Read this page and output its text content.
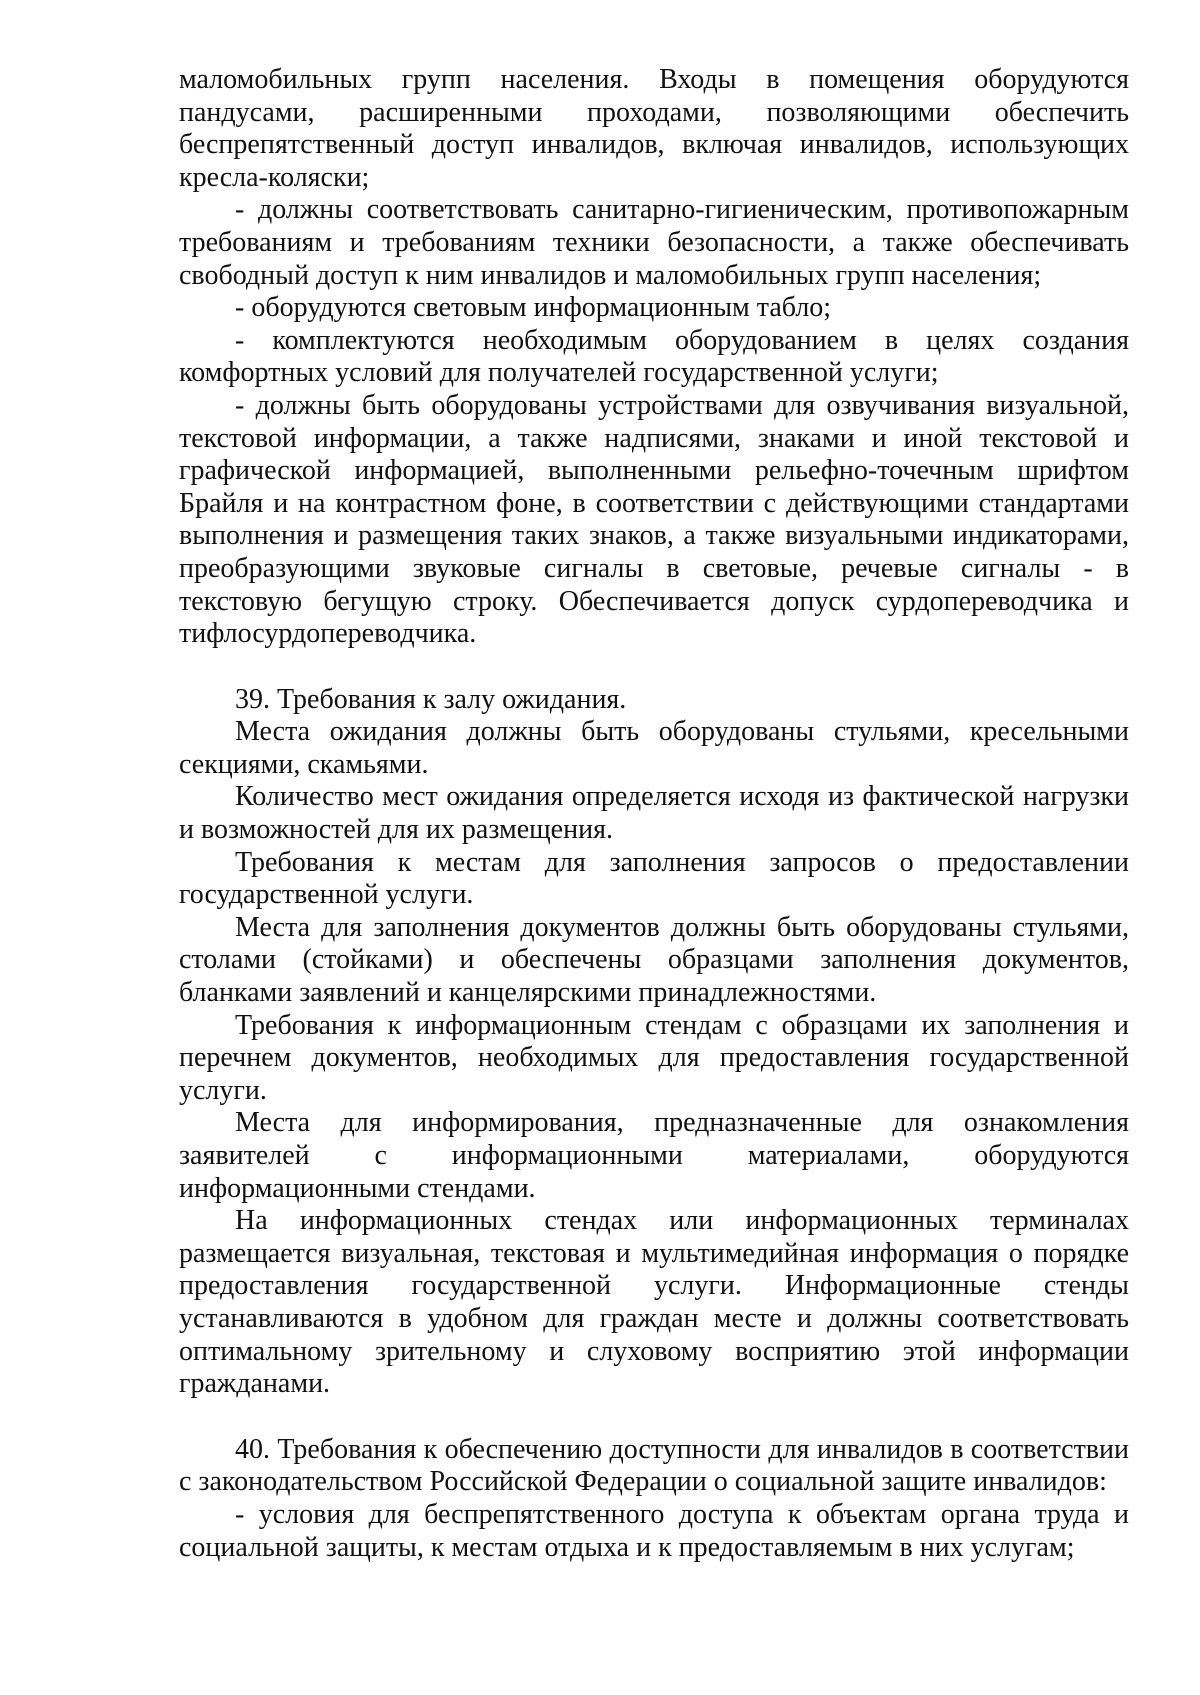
маломобильных групп населения. Входы в помещения оборудуются пандусами, расширенными проходами, позволяющими обеспечить беспрепятственный доступ инвалидов, включая инвалидов, использующих кресла-коляски;

- должны соответствовать санитарно-гигиеническим, противопожарным требованиям и требованиям техники безопасности, а также обеспечивать свободный доступ к ним инвалидов и маломобильных групп населения;

- оборудуются световым информационным табло;

- комплектуются необходимым оборудованием в целях создания комфортных условий для получателей государственной услуги;

- должны быть оборудованы устройствами для озвучивания визуальной, текстовой информации, а также надписями, знаками и иной текстовой и графической информацией, выполненными рельефно-точечным шрифтом Брайля и на контрастном фоне, в соответствии с действующими стандартами выполнения и размещения таких знаков, а также визуальными индикаторами, преобразующими звуковые сигналы в световые, речевые сигналы - в текстовую бегущую строку. Обеспечивается допуск сурдопереводчика и тифлосурдопереводчика.

39. Требования к залу ожидания.

Места ожидания должны быть оборудованы стульями, кресельными секциями, скамьями.

Количество мест ожидания определяется исходя из фактической нагрузки и возможностей для их размещения.

Требования к местам для заполнения запросов о предоставлении государственной услуги.

Места для заполнения документов должны быть оборудованы стульями, столами (стойками) и обеспечены образцами заполнения документов, бланками заявлений и канцелярскими принадлежностями.

Требования к информационным стендам с образцами их заполнения и перечнем документов, необходимых для предоставления государственной услуги.

Места для информирования, предназначенные для ознакомления заявителей с информационными материалами, оборудуются информационными стендами.

На информационных стендах или информационных терминалах размещается визуальная, текстовая и мультимедийная информация о порядке предоставления государственной услуги. Информационные стенды устанавливаются в удобном для граждан месте и должны соответствовать оптимальному зрительному и слуховому восприятию этой информации гражданами.

40. Требования к обеспечению доступности для инвалидов в соответствии с законодательством Российской Федерации о социальной защите инвалидов:

- условия для беспрепятственного доступа к объектам органа труда и социальной защиты, к местам отдыха и к предоставляемым в них услугам;
